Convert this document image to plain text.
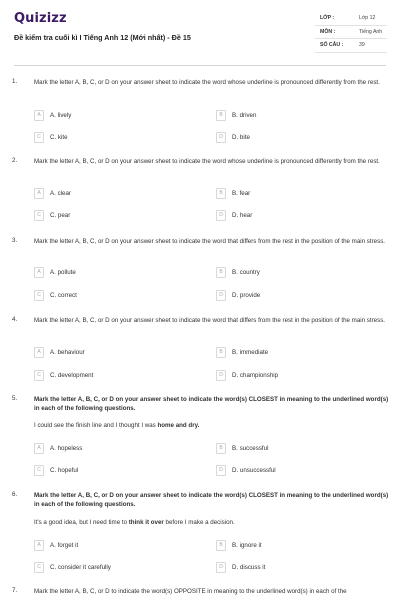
Quizizz
Đề kiểm tra cuối kì I Tiếng Anh 12 (Mới nhất) - Đề 15
LỚP :	Lớp 12
MÔN :	Tiếng Anh
SỐ CÂU :	39
1.	Mark the letter A, B, C, or D on your answer sheet to indicate the word whose underline is pronounced differently from the rest.
A	A. lively	B	B. driven
C	C. kite	D	D. bite
2.	Mark the letter A, B, C, or D on your answer sheet to indicate the word whose underline is pronounced differently from the rest.
A	A. clear	B	B. fear
C	C. pear	D	D. hear
3.	Mark the letter A, B, C, or D on your answer sheet to indicate the word that differs from the rest in the position of the main stress.
A	A. pollute	B	B. country
C	C. correct	D	D. provide
4.	Mark the letter A, B, C, or D on your answer sheet to indicate the word that differs from the rest in the position of the main stress.
A	A. behaviour	B	B. immediate
C	C. development	D	D. championship
5.	Mark the letter A, B, C, or D on your answer sheet to indicate the word(s) CLOSEST in meaning to the underlined word(s) in each of the following questions.
I could see the finish line and I thought I was home and dry.
A	A. hopeless	B	B. successful
C	C. hopeful	D	D. unsuccessful
6.	Mark the letter A, B, C, or D on your answer sheet to indicate the word(s) CLOSEST in meaning to the underlined word(s) in each of the following questions.
It's a good idea, but I need time to think it over before I make a decision.
A	A. forget it	B	B. ignore it
C	C. consider it carefully	D	D. discuss it
7.	Mark the letter A, B, C, or D to indicate the word(s) OPPOSITE in meaning to the underlined word(s) in each of the
